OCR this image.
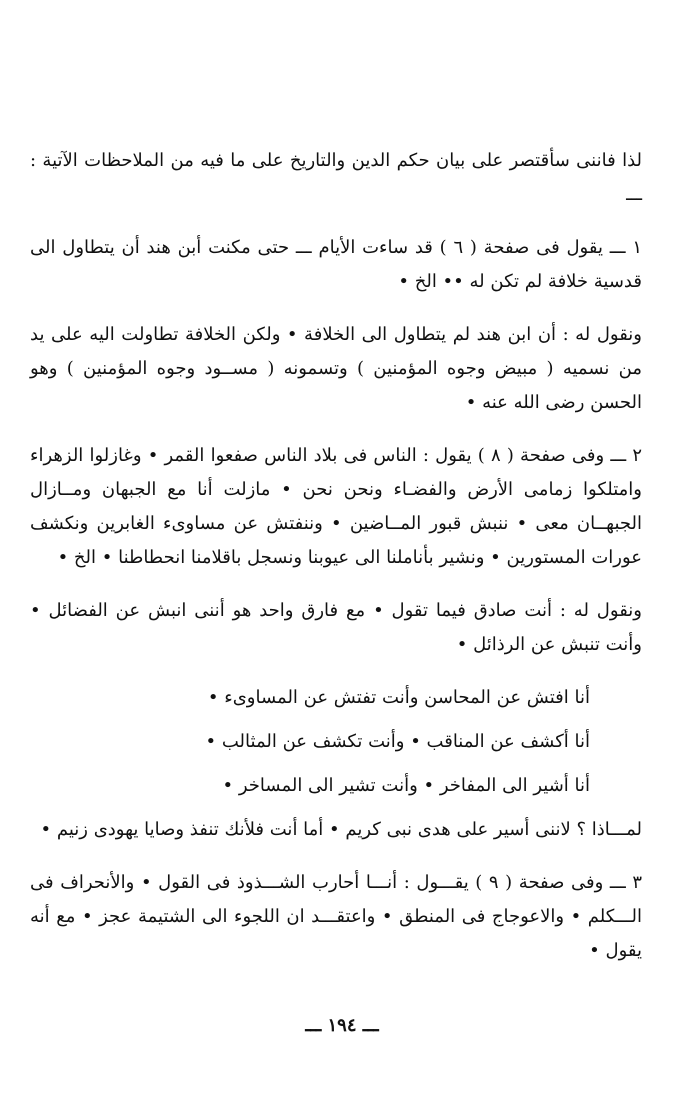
لذا فاننى سأقتصر على بيان حكم الدين والتاريخ على ما فيه من الملاحظات الآتية : ـــ

١ ـــ يقول فى صفحة ( ٦ ) قد ساءت الأيام ـــ حتى مكنت أبن هند أن يتطاول الى قدسية خلافة لم تكن له •• الخ •

ونقول له : أن ابن هند لم يتطاول الى الخلافة • ولكن الخلافة تطاولت اليه على يد من نسميه ( مبيض وجوه المؤمنين ) وتسمونه ( مســود وجوه المؤمنين ) وهو الحسن رضى الله عنه •

٢ ـــ وفى صفحة ( ٨ ) يقول : الناس فى بلاد الناس صفعوا القمر • وغازلوا الزهراء وامتلكوا زمامى الأرض والفضـاء ونحن نحن • مازلت أنا مع الجبهان ومــازال الجبهــان معى • ننبش قبور المــاضين • وننفتش عن مساوىء الغابرين ونكشف عورات المستورين • ونشير بأناملنا الى عيوبنا ونسجل باقلامنا انحطاطنا • الخ •

ونقول له : أنت صادق فيما تقول • مع فارق واحد هو أننى انبش عن الفضائل • وأنت تنبش عن الرذائل •

أنا افتش عن المحاسن وأنت تفتش عن المساوىء •

أنا أكشف عن المناقب • وأنت تكشف عن المثالب •

أنا أشير الى المفاخر • وأنت تشير الى المساخر •

لمـــاذا ؟ لاننى أسير على هدى نبى كريم • أما أنت فلأنك تنفذ وصايا يهودى زنيم •

٣ ـــ وفى صفحة ( ٩ ) يقـــول : أنـــا أحارب الشـــذوذ فى القول • والأنحراف فى الـــكلم • والاعوجاج فى المنطق • واعتقـــد ان اللجوء الى الشتيمة عجز • مع أنه يقول •

ـــ ١٩٤ ـــ
